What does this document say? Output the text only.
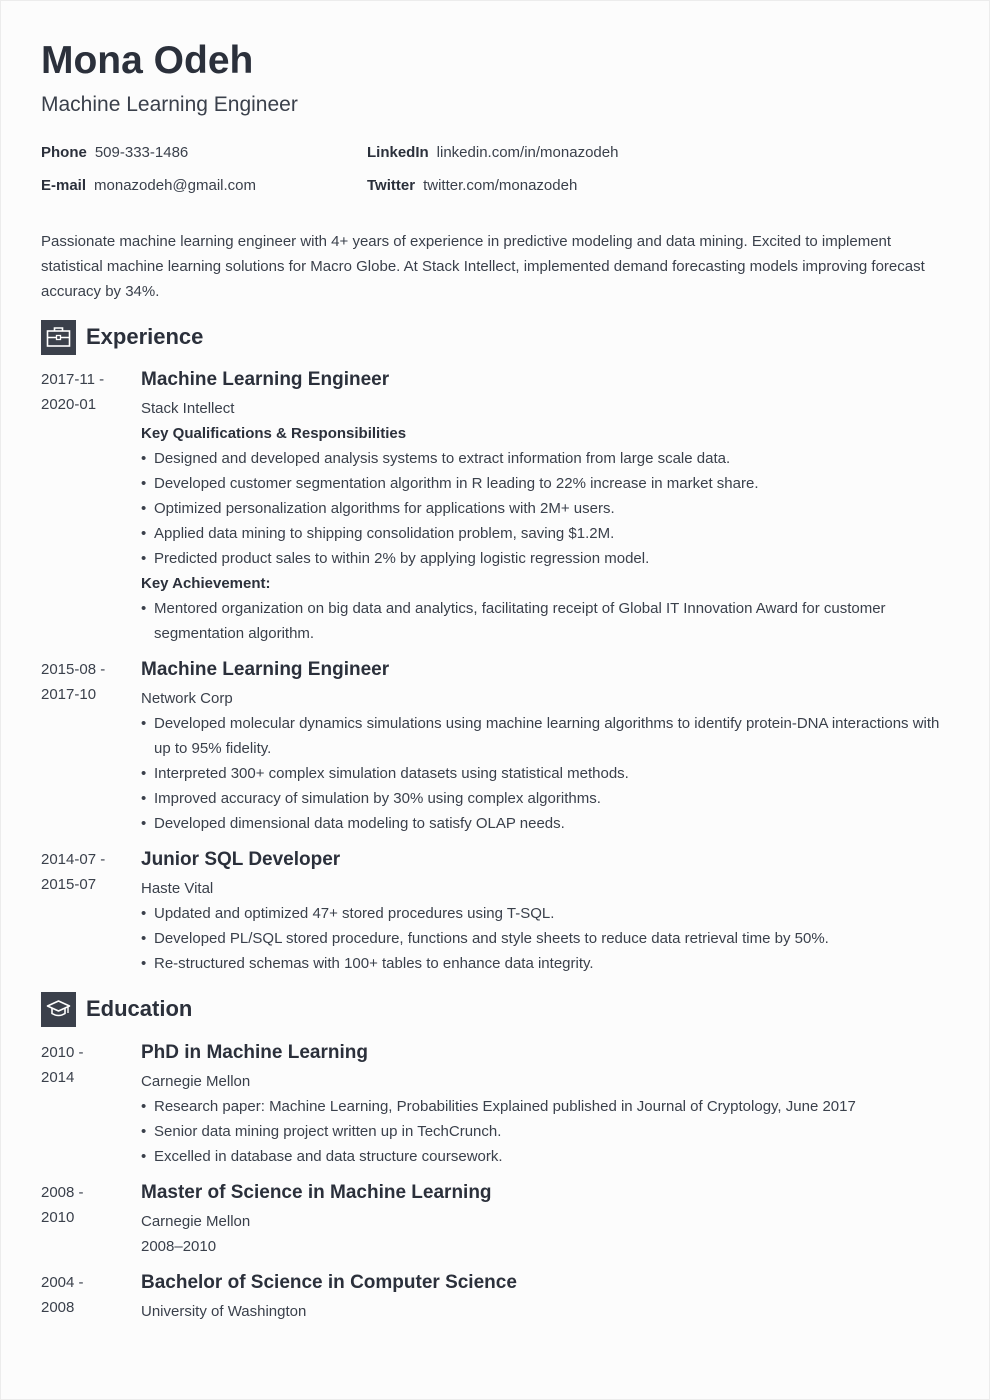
Mona Odeh
Machine Learning Engineer
Phone 509-333-1486
E-mail monazodeh@gmail.com
LinkedIn linkedin.com/in/monazodeh
Twitter twitter.com/monazodeh

Passionate machine learning engineer with 4+ years of experience in predictive modeling and data mining. Excited to implement statistical machine learning solutions for Macro Globe. At Stack Intellect, implemented demand forecasting models improving forecast accuracy by 34%.

Experience
2017-11 -
2020-01
Machine Learning Engineer
Stack Intellect
Key Qualifications & Responsibilities
• Designed and developed analysis systems to extract information from large scale data.
• Developed customer segmentation algorithm in R leading to 22% increase in market share.
• Optimized personalization algorithms for applications with 2M+ users.
• Applied data mining to shipping consolidation problem, saving $1.2M.
• Predicted product sales to within 2% by applying logistic regression model.
Key Achievement:
• Mentored organization on big data and analytics, facilitating receipt of Global IT Innovation Award for customer segmentation algorithm.
2015-08 -
2017-10
Machine Learning Engineer
Network Corp
• Developed molecular dynamics simulations using machine learning algorithms to identify protein-DNA interactions with up to 95% fidelity.
• Interpreted 300+ complex simulation datasets using statistical methods.
• Improved accuracy of simulation by 30% using complex algorithms.
• Developed dimensional data modeling to satisfy OLAP needs.
2014-07 -
2015-07
Junior SQL Developer
Haste Vital
• Updated and optimized 47+ stored procedures using T-SQL.
• Developed PL/SQL stored procedure, functions and style sheets to reduce data retrieval time by 50%.
• Re-structured schemas with 100+ tables to enhance data integrity.
Education
2010 -
2014
PhD in Machine Learning
Carnegie Mellon
• Research paper: Machine Learning, Probabilities Explained published in Journal of Cryptology, June 2017
• Senior data mining project written up in TechCrunch.
• Excelled in database and data structure coursework.
2008 -
2010
Master of Science in Machine Learning
Carnegie Mellon
2008–2010
2004 -
2008
Bachelor of Science in Computer Science
University of Washington
